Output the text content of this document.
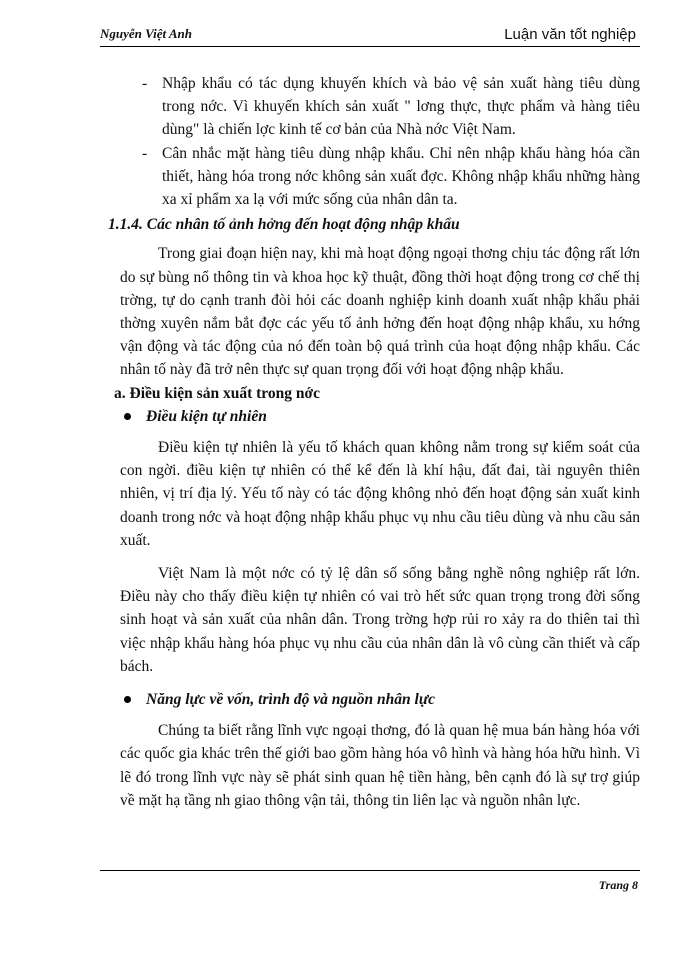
Nguyễn Việt Anh	Luận văn tốt nghiệp
- Nhập khẩu có tác dụng khuyến khích và bảo vệ sản xuất hàng tiêu dùng trong nớc. Vì khuyến khích sản xuất " lơng thực, thực phẩm và hàng tiêu dùng" là chiến lợc kinh tế cơ bản của Nhà nớc Việt Nam.
- Cân nhắc mặt hàng tiêu dùng nhập khẩu. Chỉ nên nhập khẩu hàng hóa cần thiết, hàng hóa trong nớc không sản xuất đợc. Không nhập khẩu những hàng xa xỉ phẩm xa lạ với mức sống của nhân dân ta.
1.1.4. Các nhân tố ảnh hởng đến hoạt động nhập khẩu

Trong giai đoạn hiện nay, khi mà hoạt động ngoại thơng chịu tác động rất lớn do sự bùng nổ thông tin và khoa học kỹ thuật, đồng thời hoạt động trong cơ chế thị trờng, tự do cạnh tranh đòi hỏi các doanh nghiệp kinh doanh xuất nhập khẩu phải thờng xuyên nắm bắt đợc các yếu tố ảnh hởng đến hoạt động nhập khẩu, xu hớng vận động và tác động của nó đến toàn bộ quá trình của hoạt động nhập khẩu. Các nhân tố này đã trở nên thực sự quan trọng đối với hoạt động nhập khẩu.

a. Điều kiện sản xuất trong nớc
Điều kiện tự nhiên

Điều kiện tự nhiên là yếu tố khách quan không nằm trong sự kiểm soát của con ngời. điều kiện tự nhiên có thể kể đến là khí hậu, đất đai, tài nguyên thiên nhiên, vị trí địa lý. Yếu tố này có tác động không nhỏ đến hoạt động sản xuất kinh doanh trong nớc và hoạt động nhập khẩu phục vụ nhu cầu tiêu dùng và nhu cầu sản xuất.

Việt Nam là một nớc có tỷ lệ dân số sống bằng nghề nông nghiệp rất lớn. Điều này cho thấy điều kiện tự nhiên có vai trò hết sức quan trọng trong đời sống sinh hoạt và sản xuất của nhân dân. Trong trờng hợp rủi ro xảy ra do thiên tai thì việc nhập khẩu hàng hóa phục vụ nhu cầu của nhân dân là vô cùng cần thiết và cấp bách.

Năng lực về vốn, trình độ và nguồn nhân lực

Chúng ta biết rằng lĩnh vực ngoại thơng, đó là quan hệ mua bán hàng hóa với các quốc gia khác trên thế giới bao gồm hàng hóa vô hình và hàng hóa hữu hình. Vì lẽ đó trong lĩnh vực này sẽ phát sinh quan hệ tiền hàng, bên cạnh đó là sự trợ giúp về mặt hạ tầng nh giao thông vận tải, thông tin liên lạc và nguồn nhân lực.

Trang 8
